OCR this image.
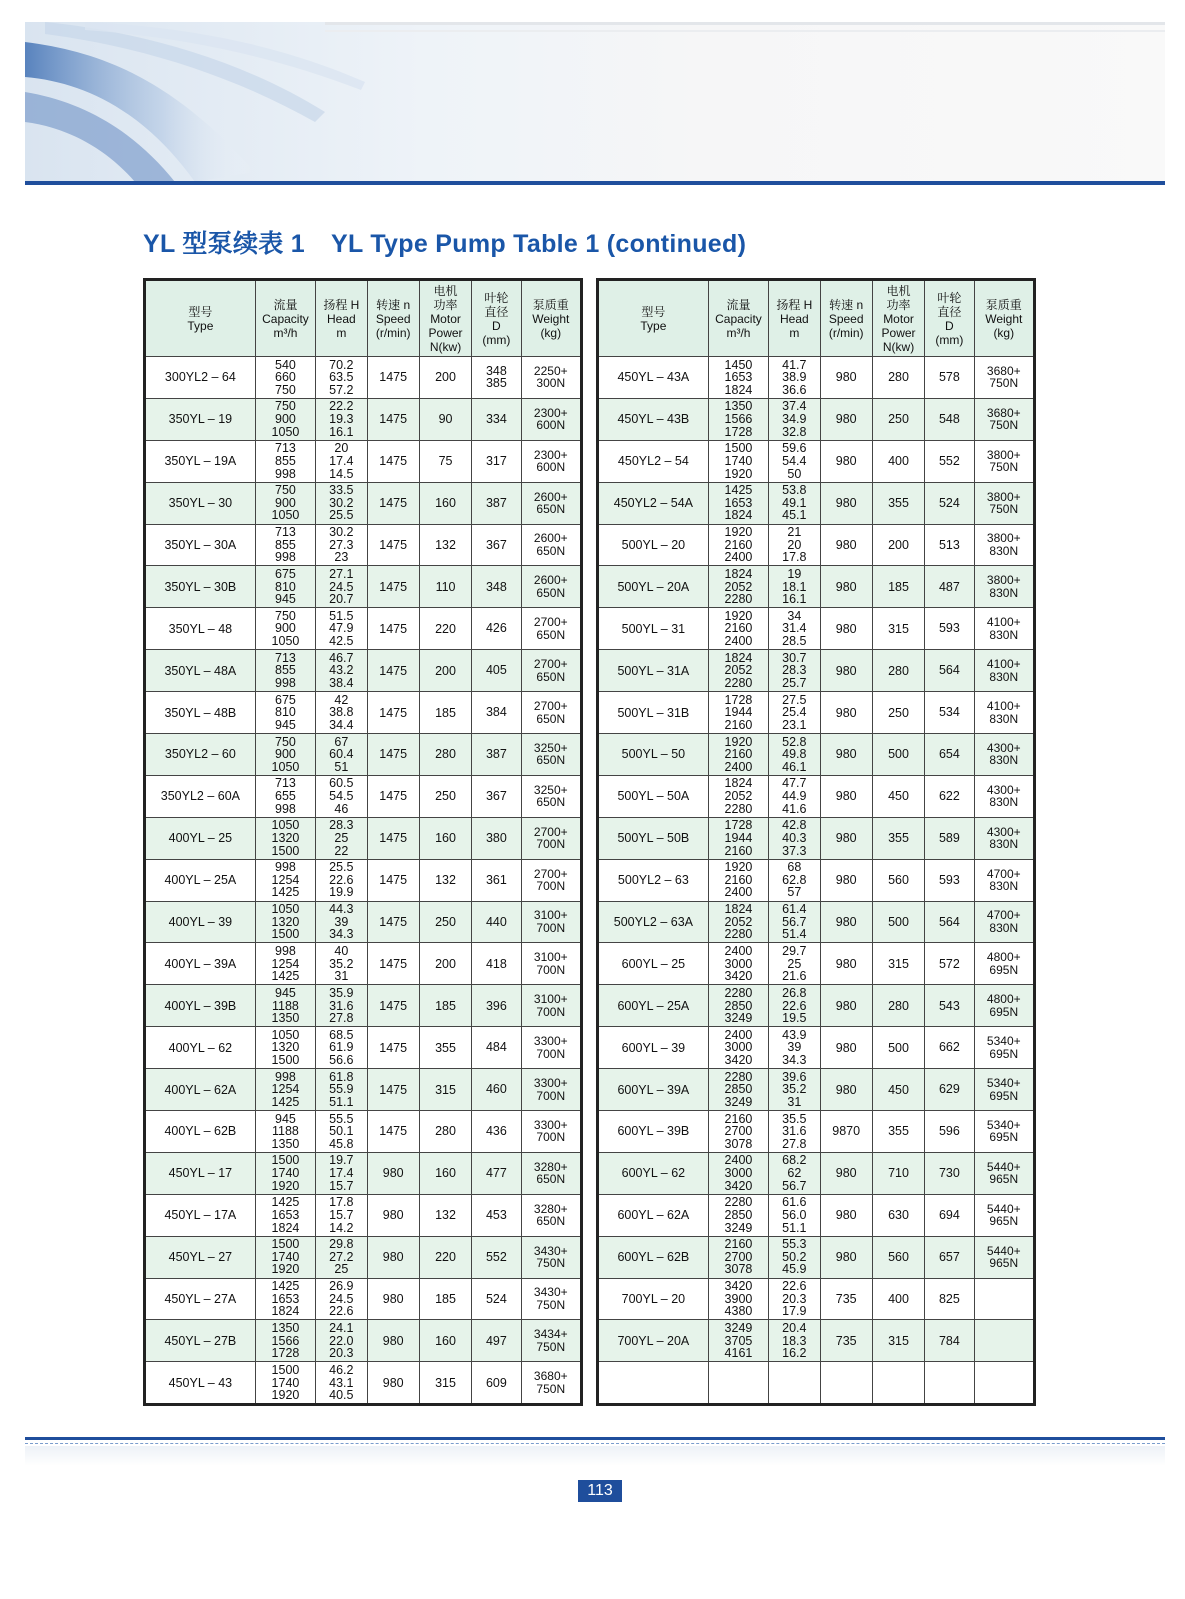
YL 型泵续表 1 YL Type Pump Table 1 (continued)
型号
Type	流量
Capacity
m³/h	扬程 H
Head
m	转速 n
Speed
(r/min)	电机
功率
Motor
Power
N(kw)	叶轮
直径
D
(mm)	泵质重
Weight
(kg)
300YL2 – 64	540
660
750	70.2
63.5
57.2	1475	200	348
385	2250+
300N

350YL – 19	750
900
1050	22.2
19.3
16.1	1475	90	334	2300+
600N

350YL – 19A	713
855
998	20
17.4
14.5	1475	75	317	2300+
600N

350YL – 30	750
900
1050	33.5
30.2
25.5	1475	160	387	2600+
650N

350YL – 30A	713
855
998	30.2
27.3
23	1475	132	367	2600+
650N

350YL – 30B	675
810
945	27.1
24.5
20.7	1475	110	348	2600+
650N

350YL – 48	750
900
1050	51.5
47.9
42.5	1475	220	426	2700+
650N

350YL – 48A	713
855
998	46.7
43.2
38.4	1475	200	405	2700+
650N

350YL – 48B	675
810
945	42
38.8
34.4	1475	185	384	2700+
650N

350YL2 – 60	750
900
1050	67
60.4
51	1475	280	387	3250+
650N

350YL2 – 60A	713
655
998	60.5
54.5
46	1475	250	367	3250+
650N

400YL – 25	1050
1320
1500	28.3
25
22	1475	160	380	2700+
700N

400YL – 25A	998
1254
1425	25.5
22.6
19.9	1475	132	361	2700+
700N

400YL – 39	1050
1320
1500	44.3
39
34.3	1475	250	440	3100+
700N

400YL – 39A	998
1254
1425	40
35.2
31	1475	200	418	3100+
700N

400YL – 39B	945
1188
1350	35.9
31.6
27.8	1475	185	396	3100+
700N

400YL – 62	1050
1320
1500	68.5
61.9
56.6	1475	355	484	3300+
700N

400YL – 62A	998
1254
1425	61.8
55.9
51.1	1475	315	460	3300+
700N

400YL – 62B	945
1188
1350	55.5
50.1
45.8	1475	280	436	3300+
700N

450YL – 17	1500
1740
1920	19.7
17.4
15.7	980	160	477	3280+
650N

450YL – 17A	1425
1653
1824	17.8
15.7
14.2	980	132	453	3280+
650N

450YL – 27	1500
1740
1920	29.8
27.2
25	980	220	552	3430+
750N

450YL – 27A	1425
1653
1824	26.9
24.5
22.6	980	185	524	3430+
750N

450YL – 27B	1350
1566
1728	24.1
22.0
20.3	980	160	497	3434+
750N

450YL – 43	1500
1740
1920	46.2
43.1
40.5	980	315	609	3680+
750N
型号
Type	流量
Capacity
m³/h	扬程 H
Head
m	转速 n
Speed
(r/min)	电机
功率
Motor
Power
N(kw)	叶轮
直径
D
(mm)	泵质重
Weight
(kg)
450YL – 43A	1450
1653
1824	41.7
38.9
36.6	980	280	578	3680+
750N

450YL – 43B	1350
1566
1728	37.4
34.9
32.8	980	250	548	3680+
750N

450YL2 – 54	1500
1740
1920	59.6
54.4
50	980	400	552	3800+
750N

450YL2 – 54A	1425
1653
1824	53.8
49.1
45.1	980	355	524	3800+
750N

500YL – 20	1920
2160
2400	21
20
17.8	980	200	513	3800+
830N

500YL – 20A	1824
2052
2280	19
18.1
16.1	980	185	487	3800+
830N

500YL – 31	1920
2160
2400	34
31.4
28.5	980	315	593	4100+
830N

500YL – 31A	1824
2052
2280	30.7
28.3
25.7	980	280	564	4100+
830N

500YL – 31B	1728
1944
2160	27.5
25.4
23.1	980	250	534	4100+
830N

500YL – 50	1920
2160
2400	52.8
49.8
46.1	980	500	654	4300+
830N

500YL – 50A	1824
2052
2280	47.7
44.9
41.6	980	450	622	4300+
830N

500YL – 50B	1728
1944
2160	42.8
40.3
37.3	980	355	589	4300+
830N

500YL2 – 63	1920
2160
2400	68
62.8
57	980	560	593	4700+
830N

500YL2 – 63A	1824
2052
2280	61.4
56.7
51.4	980	500	564	4700+
830N

600YL – 25	2400
3000
3420	29.7
25
21.6	980	315	572	4800+
695N

600YL – 25A	2280
2850
3249	26.8
22.6
19.5	980	280	543	4800+
695N

600YL – 39	2400
3000
3420	43.9
39
34.3	980	500	662	5340+
695N

600YL – 39A	2280
2850
3249	39.6
35.2
31	980	450	629	5340+
695N

600YL – 39B	2160
2700
3078	35.5
31.6
27.8	9870	355	596	5340+
695N

600YL – 62	2400
3000
3420	68.2
62
56.7	980	710	730	5440+
965N

600YL – 62A	2280
2850
3249	61.6
56.0
51.1	980	630	694	5440+
965N

600YL – 62B	2160
2700
3078	55.3
50.2
45.9	980	560	657	5440+
965N

700YL – 20	3420
3900
4380	22.6
20.3
17.9	735	400	825	

700YL – 20A	3249
3705
4161	20.4
18.3
16.2	735	315	784	

113
